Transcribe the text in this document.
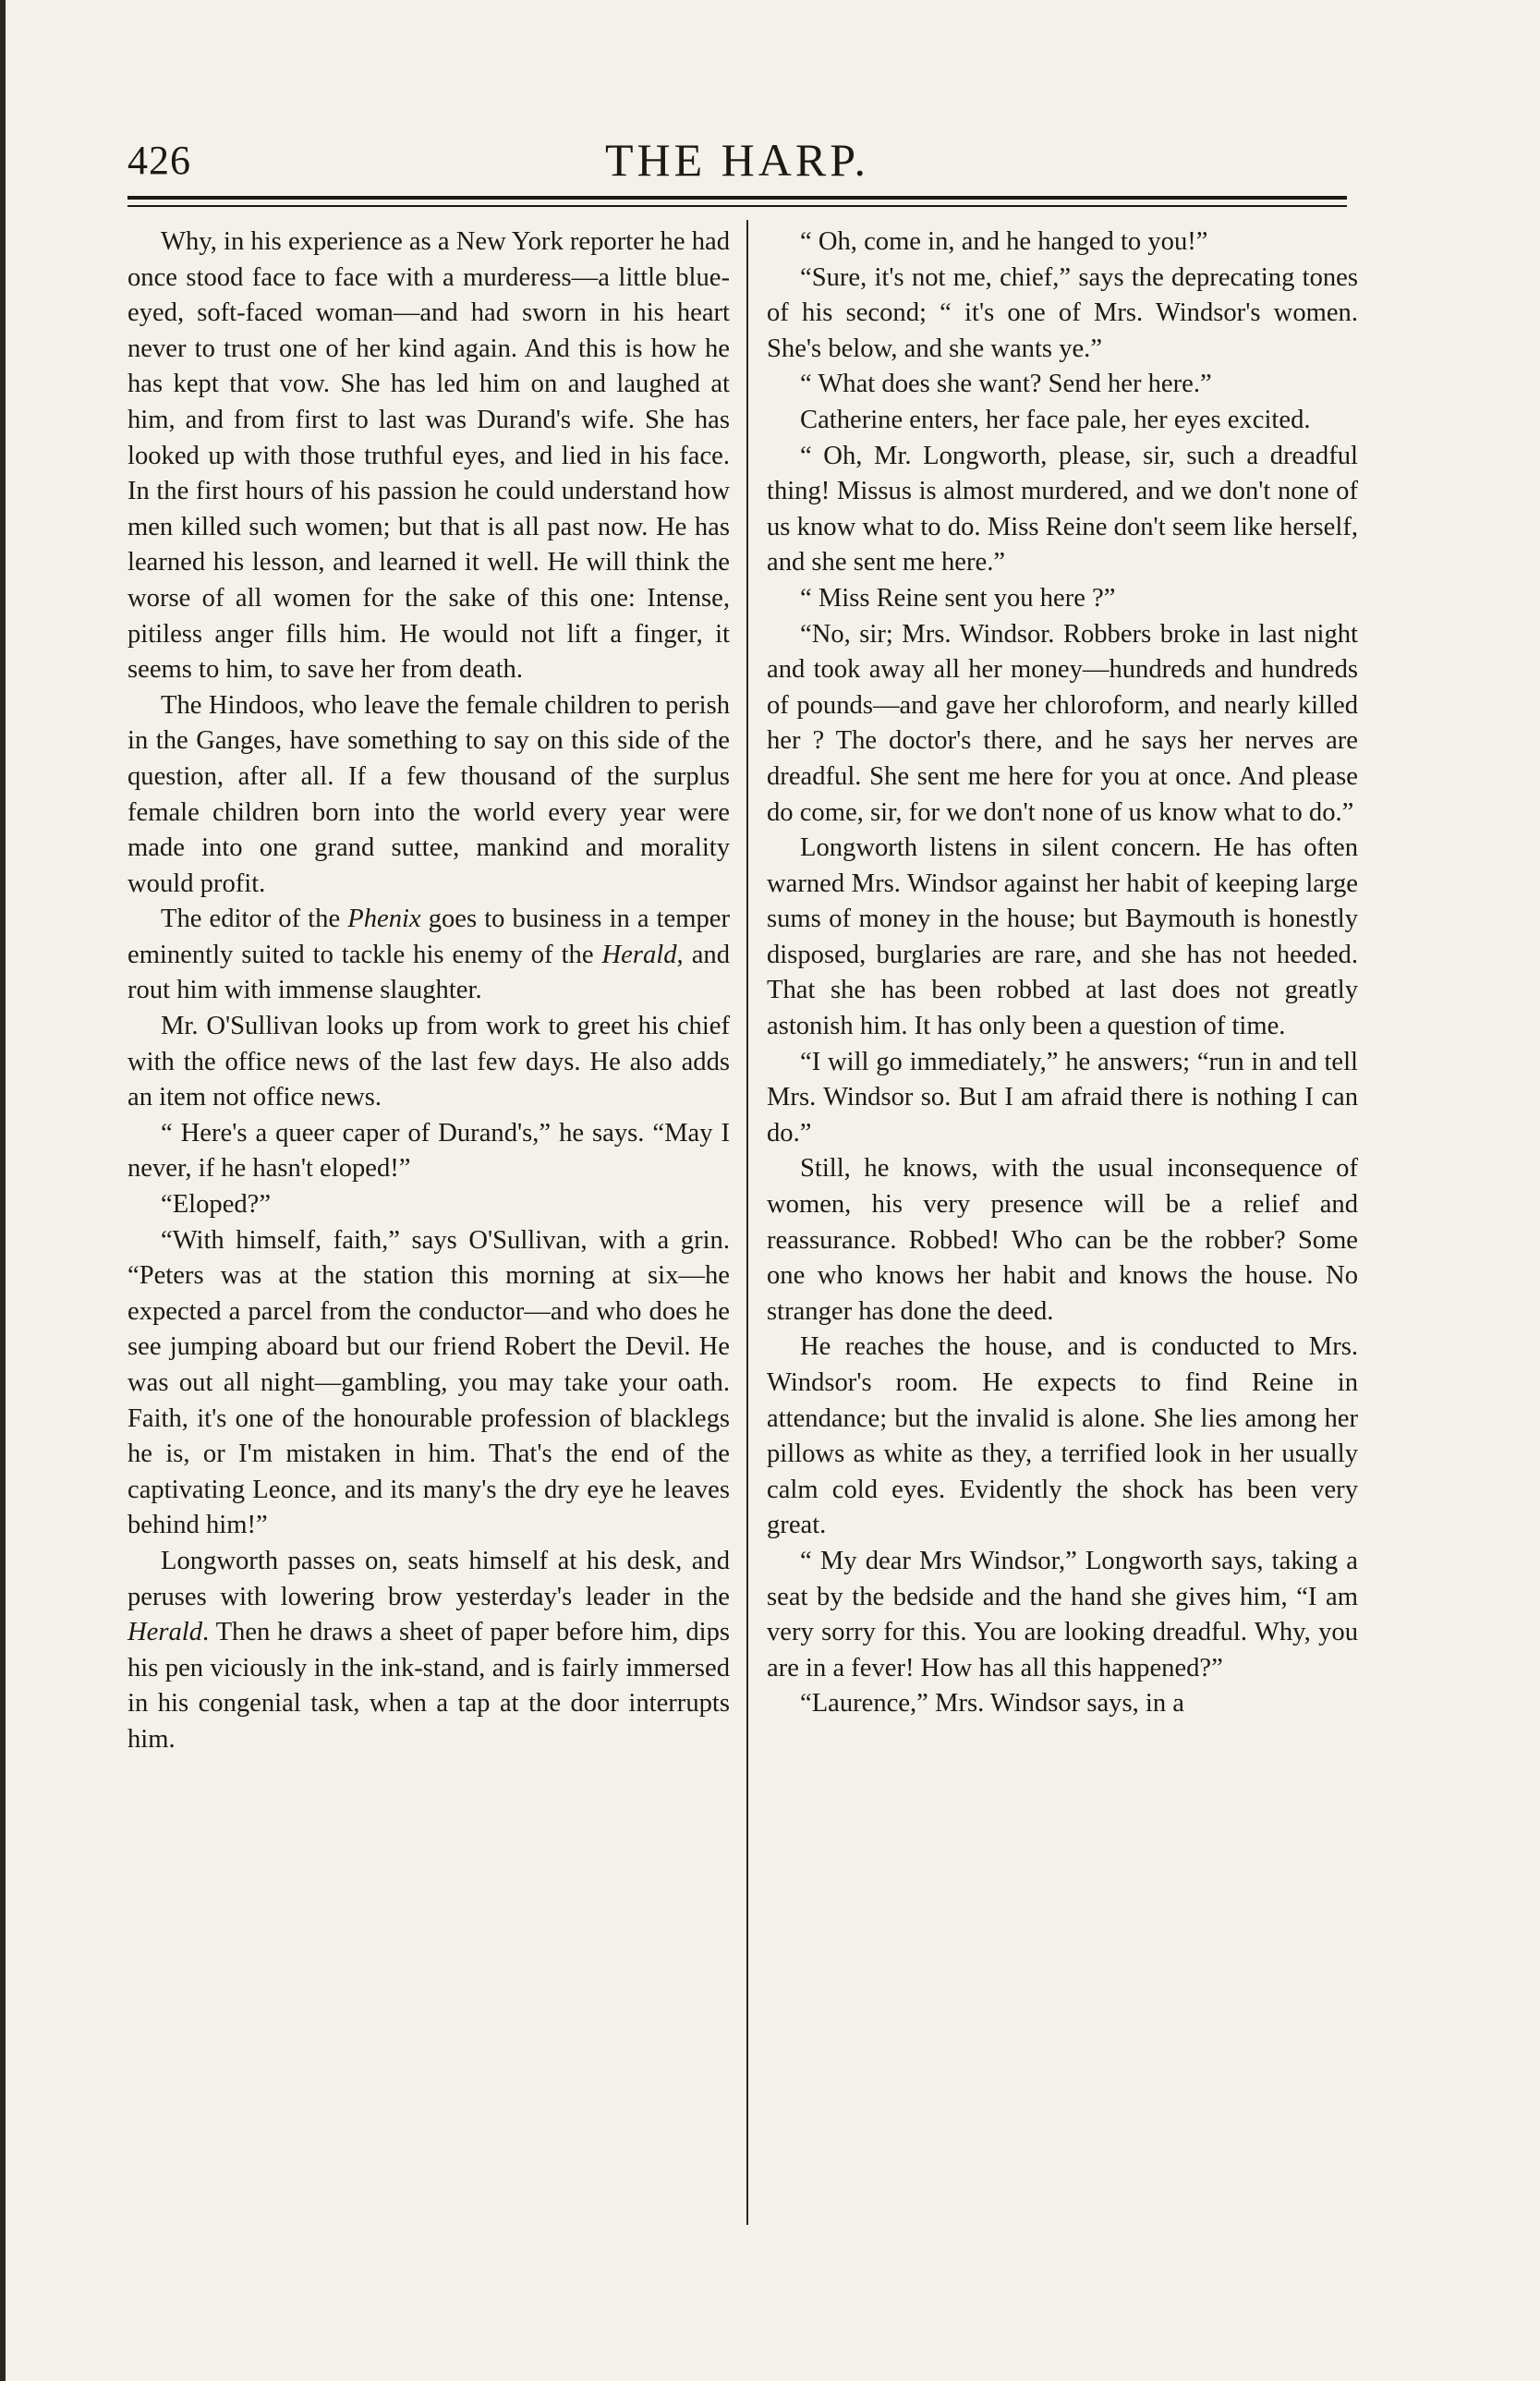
426	THE HARP.

Why, in his experience as a New York reporter he had once stood face to face with a murderess—a little blue-eyed, soft-faced woman—and had sworn in his heart never to trust one of her kind again. And this is how he has kept that vow. She has led him on and laughed at him, and from first to last was Durand's wife. She has looked up with those truthful eyes, and lied in his face. In the first hours of his passion he could understand how men killed such women; but that is all past now. He has learned his lesson, and learned it well. He will think the worse of all women for the sake of this one: Intense, pitiless anger fills him. He would not lift a finger, it seems to him, to save her from death.

The Hindoos, who leave the female children to perish in the Ganges, have something to say on this side of the question, after all. If a few thousand of the surplus female children born into the world every year were made into one grand suttee, mankind and morality would profit.

The editor of the Phenix goes to business in a temper eminently suited to tackle his enemy of the Herald, and rout him with immense slaughter.

Mr. O'Sullivan looks up from work to greet his chief with the office news of the last few days. He also adds an item not office news.

“ Here's a queer caper of Durand's,” he says. “May I never, if he hasn't eloped!”

“Eloped?”

“With himself, faith,” says O'Sullivan, with a grin. “Peters was at the station this morning at six—he expected a parcel from the conductor—and who does he see jumping aboard but our friend Robert the Devil. He was out all night—gambling, you may take your oath. Faith, it's one of the honourable profession of blacklegs he is, or I'm mistaken in him. That's the end of the captivating Leonce, and its many's the dry eye he leaves behind him!”

Longworth passes on, seats himself at his desk, and peruses with lowering brow yesterday's leader in the Herald. Then he draws a sheet of paper before him, dips his pen viciously in the ink-stand, and is fairly immersed in his congenial task, when a tap at the door interrupts him.

“ Oh, come in, and he hanged to you!”

“Sure, it's not me, chief,” says the deprecating tones of his second; “ it's one of Mrs. Windsor's women. She's below, and she wants ye.”

“ What does she want? Send her here.”

Catherine enters, her face pale, her eyes excited.

“ Oh, Mr. Longworth, please, sir, such a dreadful thing! Missus is almost murdered, and we don't none of us know what to do. Miss Reine don't seem like herself, and she sent me here.”

“ Miss Reine sent you here ?”

“No, sir; Mrs. Windsor. Robbers broke in last night and took away all her money—hundreds and hundreds of pounds—and gave her chloroform, and nearly killed her ? The doctor's there, and he says her nerves are dreadful. She sent me here for you at once. And please do come, sir, for we don't none of us know what to do.”

Longworth listens in silent concern. He has often warned Mrs. Windsor against her habit of keeping large sums of money in the house; but Baymouth is honestly disposed, burglaries are rare, and she has not heeded. That she has been robbed at last does not greatly astonish him. It has only been a question of time.

“I will go immediately,” he answers; “run in and tell Mrs. Windsor so. But I am afraid there is nothing I can do.”

Still, he knows, with the usual inconsequence of women, his very presence will be a relief and reassurance. Robbed! Who can be the robber? Some one who knows her habit and knows the house. No stranger has done the deed.

He reaches the house, and is conducted to Mrs. Windsor's room. He expects to find Reine in attendance; but the invalid is alone. She lies among her pillows as white as they, a terrified look in her usually calm cold eyes. Evidently the shock has been very great.

“ My dear Mrs Windsor,” Longworth says, taking a seat by the bedside and the hand she gives him, “I am very sorry for this. You are looking dreadful. Why, you are in a fever! How has all this happened?”

“Laurence,” Mrs. Windsor says, in a
